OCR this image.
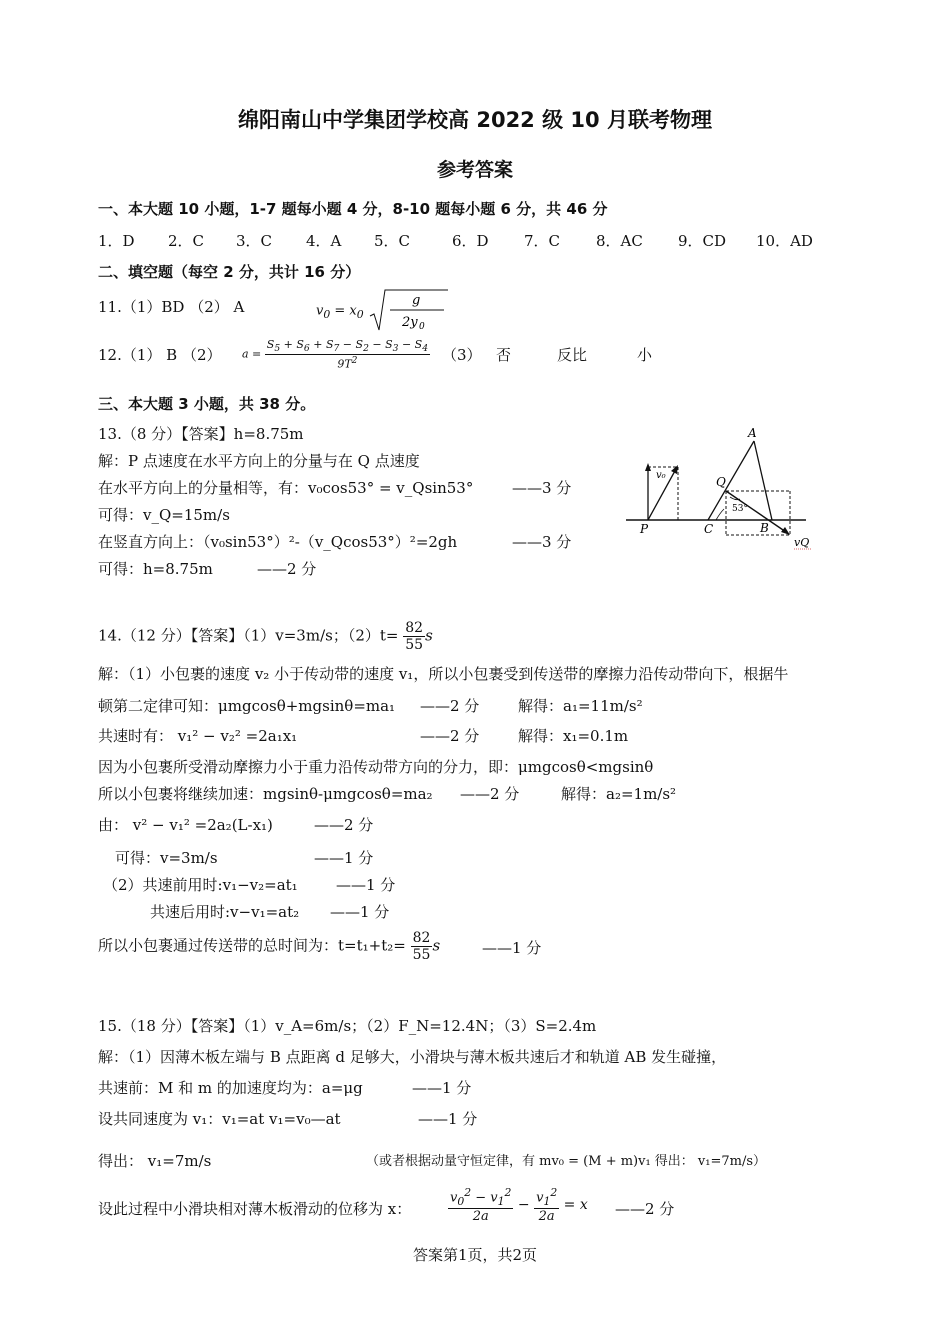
绵阳南山中学集团学校高 2022 级 10 月联考物理
参考答案
一、本大题 10 小题，1-7 题每小题 4 分，8-10 题每小题 6 分，共 46 分
1．D 2．C 3．C 4．A 5．C	6．D 7．C 8．AC 9．CD 10．AD
二、填空题（每空 2 分，共计 16 分）
11.（1）BD （2） A	$v_0 = x_0$
g
2y 0
12.（1） B （2） $a = \frac{S_5 + S_6 + S_7 - S_2 - S_3 - S_4}{9T^2} (3)$ 否	反比	小
三、本大题 3 小题，共 38 分。
13.（8 分）【答案】h=8.75m
解：P 点速度在水平方向上的分量与在 Q 点速度
在水平方向上的分量相等，有：v₀cos53° = v_Qsin53°	——3 分
可得：v_Q=15m/s
在竖直方向上：（v₀sin53°）²-（v_Qcos53°）²=2gh	——3 分
可得：h=8.75m	——2 分
v₀
P
A
C	B
Q
53°
vQ
14.（12 分）【答案】（1）v=3m/s；$(2)t= \frac{82}{55}$ s
解：（1）小包裹的速度 v₂ 小于传动带的速度 v₁，所以小包裹受到传送带的摩擦力沿传动带向下，根据牛
顿第二定律可知：μmgcosθ+mgsinθ=ma₁ ——2 分	解得：a₁=11m/s²
共速时有： v₁² − v₂² =2a₁x₁	——2 分	解得：x₁=0.1m
因为小包裹所受滑动摩擦力小于重力沿传动带方向的分力，即：μmgcosθ<mgsinθ
所以小包裹将继续加速：mgsinθ-μmgcosθ=ma₂ ——2 分	解得：a₂=1m/s²
由： v² − v₁² =2a₂(L-x₁)	——2 分
可得：v=3m/s	——1 分
（2）共速前用时:v₁−v₂=at₁	——1 分
共速后用时:v−v₁=at₂ ——1 分
所以小包裹通过传送带的总时间为：$t=t_1+t_2= \frac{82}{55}$ s	——1 分
15.（18 分）【答案】（1）v_A=6m/s；（2）F_N=12.4N；（3）S=2.4m
解：（1）因薄木板左端与 B 点距离 d 足够大，小滑块与薄木板共速后才和轨道 AB 发生碰撞，
共速前：M 和 m 的加速度均为：a=μg	——1 分
设共同速度为 v₁：v₁=at v₁=v₀—at	——1 分
得出： v₁=7m/s	（或者根据动量守恒定律，有 mv₀ = (M + m)v₁ 得出： v₁=7m/s）
设此过程中小滑块相对薄木板滑动的位移为 x：	$\frac{v_0^2 - v_1^2}{2a} - \frac{v_1^2}{2a} = x$ ——2 分
答案第1页，共2页
